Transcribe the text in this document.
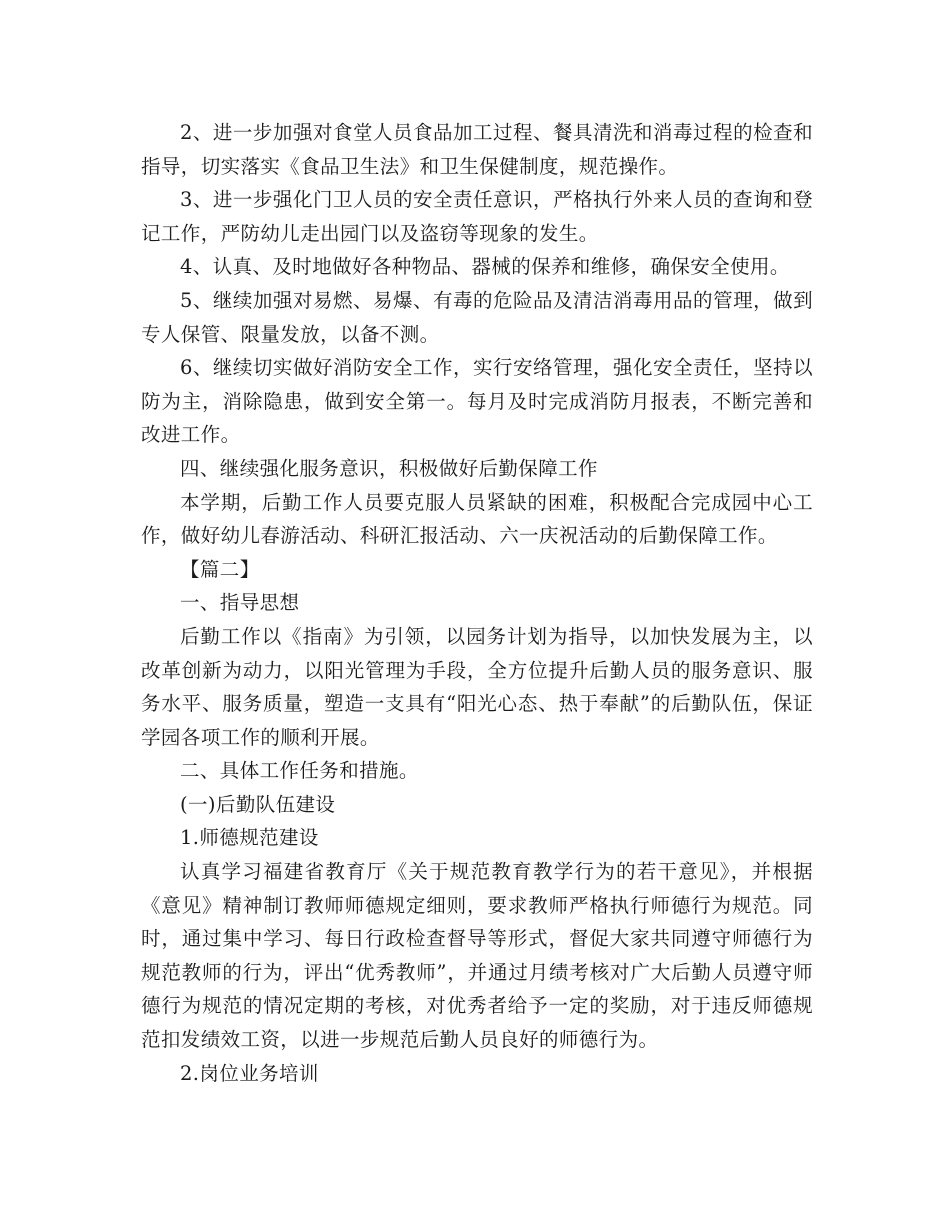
2、进一步加强对食堂人员食品加工过程、餐具清洗和消毒过程的检查和指导，切实落实《食品卫生法》和卫生保健制度，规范操作。

3、进一步强化门卫人员的安全责任意识，严格执行外来人员的查询和登记工作，严防幼儿走出园门以及盗窃等现象的发生。

4、认真、及时地做好各种物品、器械的保养和维修，确保安全使用。

5、继续加强对易燃、易爆、有毒的危险品及清洁消毒用品的管理，做到专人保管、限量发放，以备不测。

6、继续切实做好消防安全工作，实行安络管理，强化安全责任，坚持以防为主，消除隐患，做到安全第一。每月及时完成消防月报表，不断完善和改进工作。

四、继续强化服务意识，积极做好后勤保障工作

本学期，后勤工作人员要克服人员紧缺的困难，积极配合完成园中心工作，做好幼儿春游活动、科研汇报活动、六一庆祝活动的后勤保障工作。

【篇二】

一、指导思想

后勤工作以《指南》为引领，以园务计划为指导，以加快发展为主，以改革创新为动力，以阳光管理为手段，全方位提升后勤人员的服务意识、服务水平、服务质量，塑造一支具有“阳光心态、热于奉献”的后勤队伍，保证学园各项工作的顺利开展。

二、具体工作任务和措施。

(一)后勤队伍建设

1.师德规范建设

认真学习福建省教育厅《关于规范教育教学行为的若干意见》，并根据《意见》精神制订教师师德规定细则，要求教师严格执行师德行为规范。同时，通过集中学习、每日行政检查督导等形式，督促大家共同遵守师德行为规范教师的行为，评出“优秀教师”，并通过月绩考核对广大后勤人员遵守师德行为规范的情况定期的考核，对优秀者给予一定的奖励，对于违反师德规范扣发绩效工资，以进一步规范后勤人员良好的师德行为。

2.岗位业务培训
